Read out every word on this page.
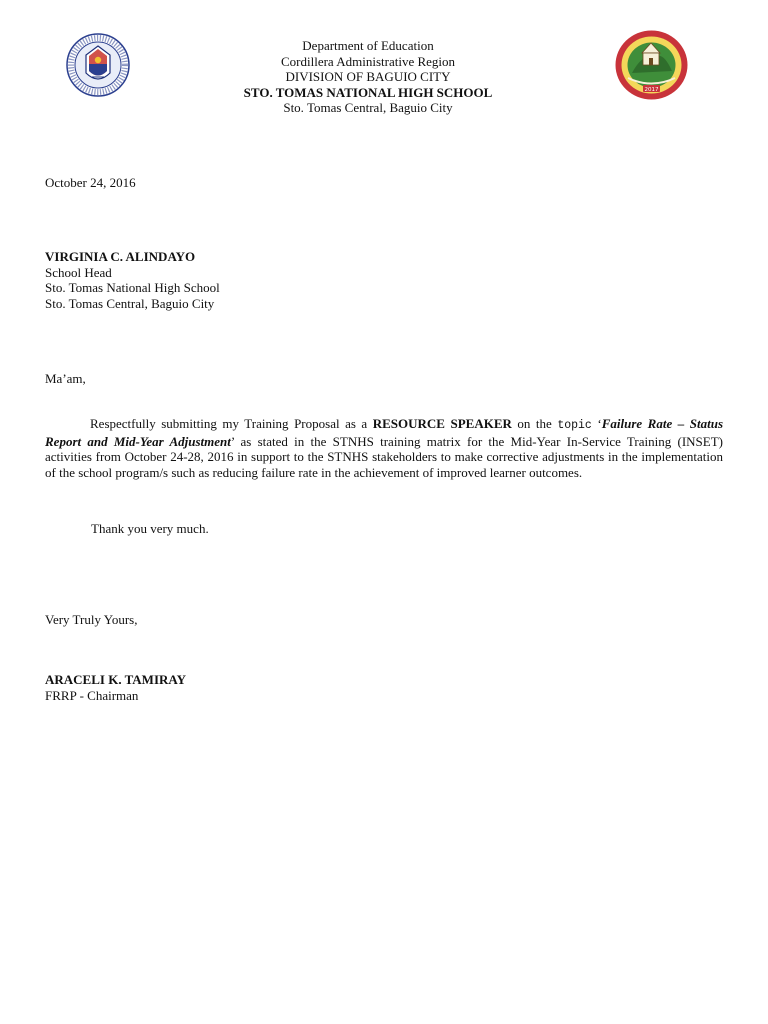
2017
Department of Education
Cordillera Administrative Region
DIVISION OF BAGUIO CITY
STO. TOMAS NATIONAL HIGH SCHOOL
Sto. Tomas Central, Baguio City
October 24, 2016
VIRGINIA C. ALINDAYO
School Head
Sto. Tomas National High School
Sto. Tomas Central, Baguio City
Ma’am,
Respectfully submitting my Training Proposal as a RESOURCE SPEAKER on the topic ‘Failure Rate – Status Report and Mid-Year Adjustment’ as stated in the STNHS training matrix for the Mid-Year In-Service Training (INSET) activities from October 24-28, 2016 in support to the STNHS stakeholders to make corrective adjustments in the implementation of the school program/s such as reducing failure rate in the achievement of improved learner outcomes.
Thank you very much.
Very Truly Yours,
ARACELI K. TAMIRAY
FRRP - Chairman
